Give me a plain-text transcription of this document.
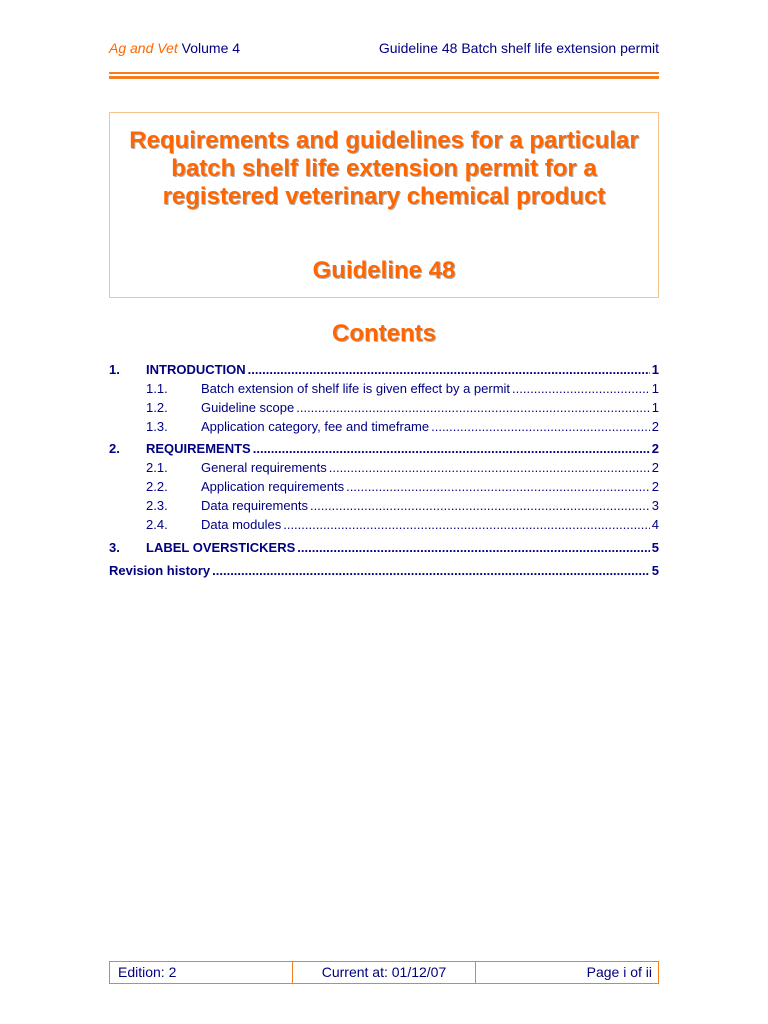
Ag and Vet Volume 4	Guideline 48 Batch shelf life extension permit
Requirements and guidelines for a particular batch shelf life extension permit for a registered veterinary chemical product
Guideline 48
Contents
1.	INTRODUCTION .....	1
1.1.	Batch extension of shelf life is given effect by a permit .....	1
1.2.	Guideline scope .....	1
1.3.	Application category, fee and timeframe .....	2
2.	REQUIREMENTS .....	2
2.1.	General requirements .....	2
2.2.	Application requirements .....	2
2.3.	Data requirements .....	3
2.4.	Data modules .....	4
3.	LABEL OVERSTICKERS .....	5
Revision history .....	5
Edition: 2	Current at: 01/12/07	Page i of ii
